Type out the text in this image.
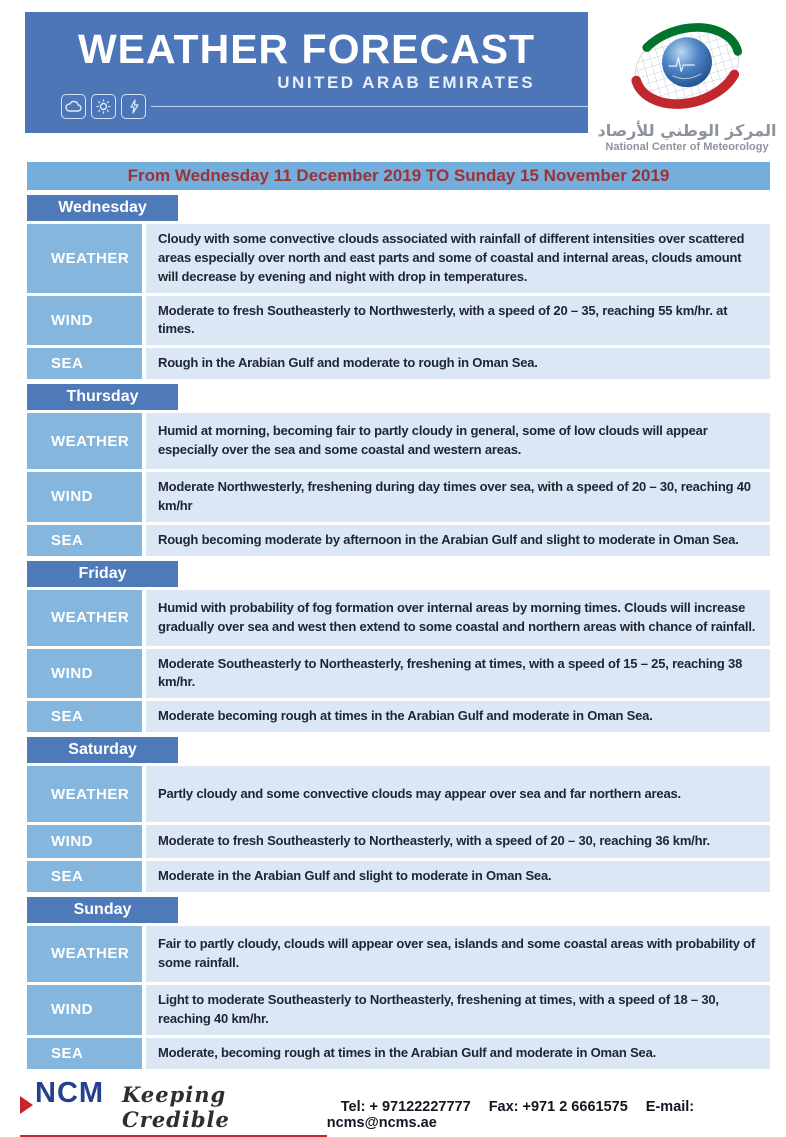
WEATHER FORECAST
UNITED ARAB EMIRATES
المركز الوطني للأرصاد
National Center of Meteorology
From Wednesday 11 December 2019 TO Sunday 15 November 2019
Wednesday
WEATHER
Cloudy with some convective clouds associated with rainfall of different intensities over scattered areas especially over north and east parts and some of coastal and internal areas, clouds amount will decrease by evening and night with drop in temperatures.
WIND
Moderate to fresh Southeasterly to Northwesterly, with a speed of 20 – 35, reaching 55 km/hr. at times.
SEA	Rough in the Arabian Gulf and moderate to rough in Oman Sea.
Thursday
WEATHER
Humid at morning, becoming fair to partly cloudy in general, some of low clouds will appear especially over the sea and some coastal and western areas.
WIND
Moderate Northwesterly, freshening during day times over sea, with a speed of 20 – 30, reaching 40 km/hr
SEA	Rough becoming moderate by afternoon in the Arabian Gulf and slight to moderate in Oman Sea.
Friday
WEATHER
Humid with probability of fog formation over internal areas by morning times. Clouds will increase gradually over sea and west then extend to some coastal and northern areas with chance of rainfall.
WIND
Moderate Southeasterly to Northeasterly, freshening at times, with a speed of 15 – 25, reaching 38 km/hr.
SEA	Moderate becoming rough at times in the Arabian Gulf and moderate in Oman Sea.
Saturday
WEATHER	Partly cloudy and some convective clouds may appear over sea and far northern areas.
WIND	Moderate to fresh Southeasterly to Northeasterly, with a speed of 20 – 30, reaching 36 km/hr.
SEA	Moderate in the Arabian Gulf and slight to moderate in Oman Sea.
Sunday
WEATHER
Fair to partly cloudy, clouds will appear over sea, islands and some coastal areas with probability of some rainfall.
WIND
Light to moderate Southeasterly to Northeasterly, freshening at times, with a speed of 18 – 30, reaching 40 km/hr.
SEA	Moderate, becoming rough at times in the Arabian Gulf and moderate in Oman Sea.
NCM Keeping Credible	Tel: + 97122227777 Fax: +971 2 6661575 E-mail: ncms@ncms.ae
